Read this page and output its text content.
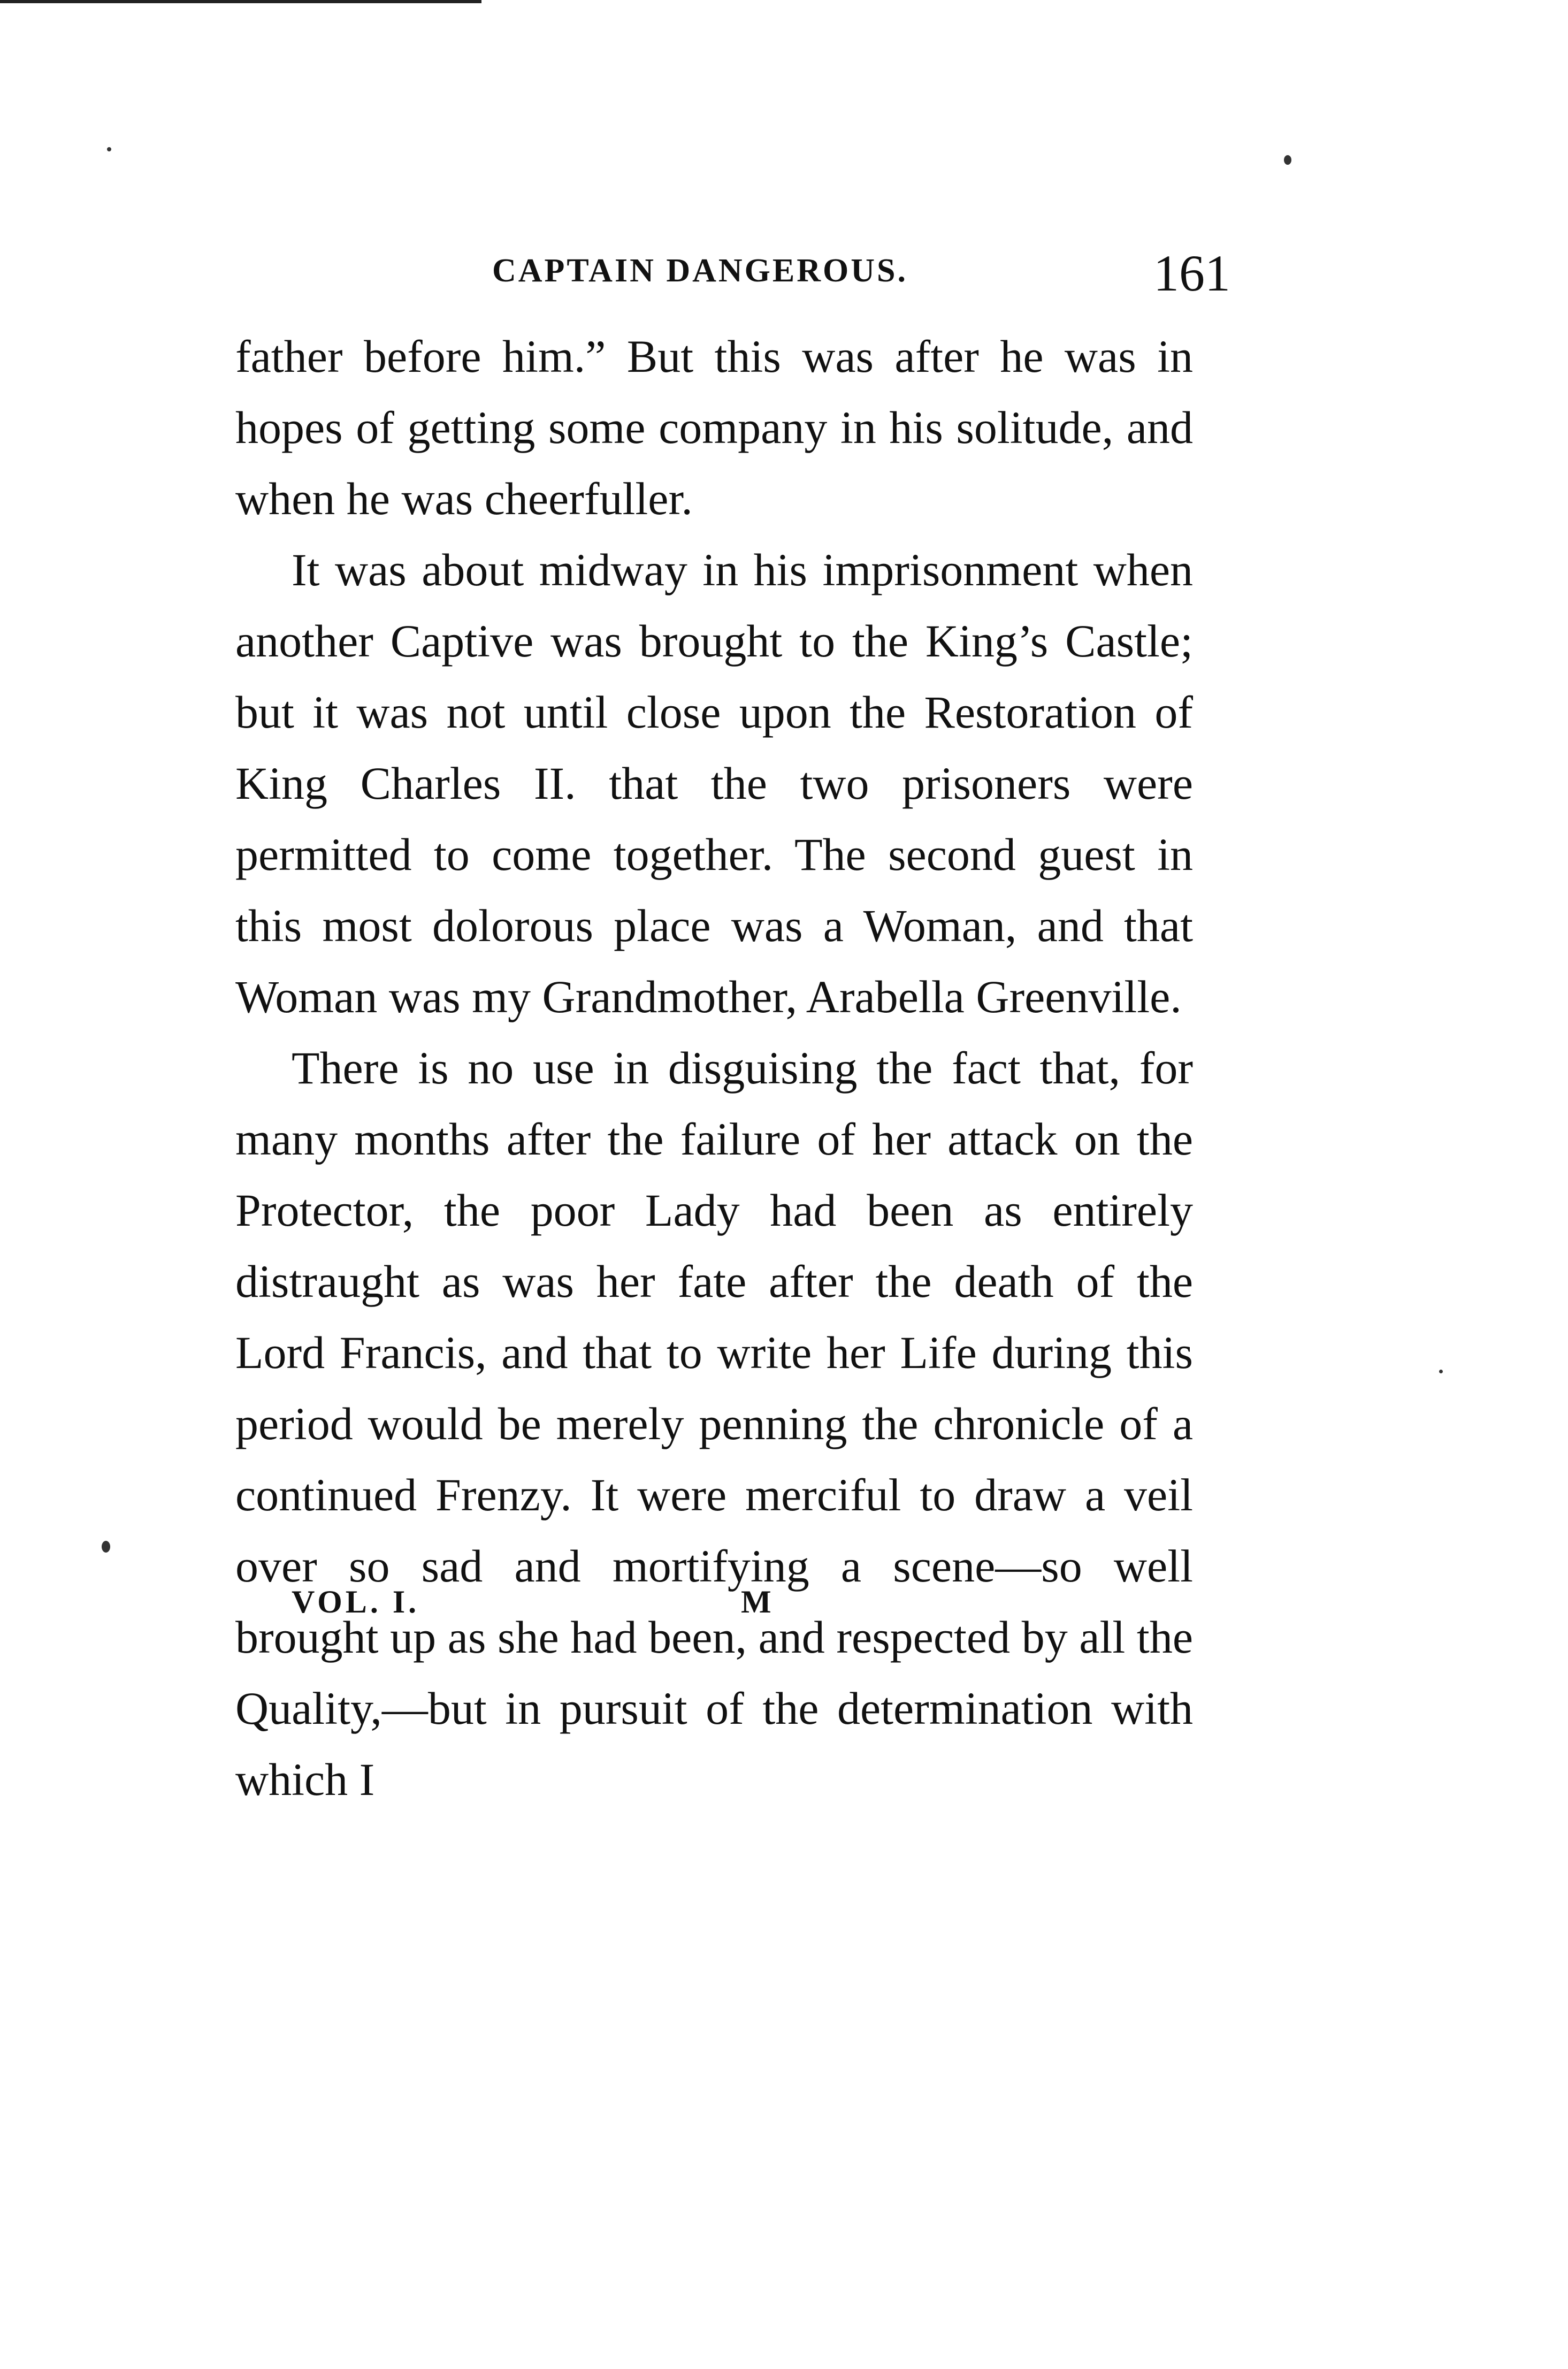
CAPTAIN DANGEROUS.	161

father before him.” But this was after he was in hopes of getting some company in his solitude, and when he was cheerfuller.

It was about midway in his imprisonment when another Captive was brought to the King’s Castle; but it was not until close upon the Restoration of King Charles II. that the two prisoners were permitted to come together. The second guest in this most dolorous place was a Woman, and that Woman was my Grandmother, Arabella Greenville.

There is no use in disguising the fact that, for many months after the failure of her attack on the Protector, the poor Lady had been as entirely distraught as was her fate after the death of the Lord Francis, and that to write her Life during this period would be merely penning the chronicle of a continued Frenzy. It were merciful to draw a veil over so sad and mortifying a scene—so well brought up as she had been, and respected by all the Quality,—but in pursuit of the determination with which I

VOL. I.	M
